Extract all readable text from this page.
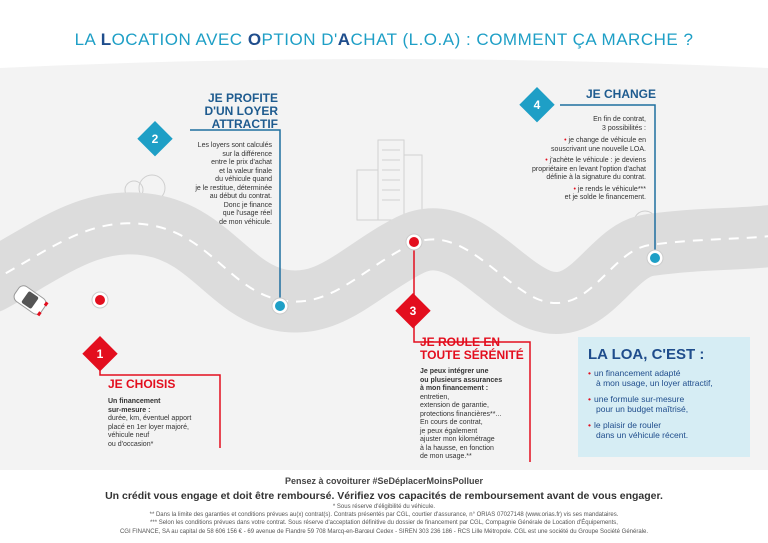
LA LOCATION AVEC OPTION D'ACHAT (L.O.A) : COMMENT ÇA MARCHE ?
1
2
3
4
JE CHOISIS
Un financement
sur-mesure :
durée, km, éventuel apport
placé en 1er loyer majoré,
véhicule neuf
ou d'occasion*
JE PROFITE
D'UN LOYER
ATTRACTIF
Les loyers sont calculés
sur la différence
entre le prix d'achat
et la valeur finale
du véhicule quand
je le restitue, déterminée
au début du contrat.
Donc je finance
que l'usage réel
de mon véhicule.
JE ROULE EN
TOUTE SÉRÉNITÉ
Je peux intégrer une
ou plusieurs assurances
à mon financement :
entretien,
extension de garantie,
protections financières**...
En cours de contrat,
je peux également
ajuster mon kilométrage
à la hausse, en fonction
de mon usage.**
JE CHANGE
En fin de contrat,
3 possibilités :
• je change de véhicule en
souscrivant une nouvelle LOA.
• j'achète le véhicule : je deviens
propriétaire en levant l'option d'achat
définie à la signature du contrat.
• je rends le véhicule***
et je solde le financement.
LA LOA, C'EST :
• un financement adapté
à mon usage, un loyer attractif,
• une formule sur-mesure
pour un budget maîtrisé,
• le plaisir de rouler
dans un véhicule récent.
Pensez à covoiturer #SeDéplacerMoinsPolluer
Un crédit vous engage et doit être remboursé. Vérifiez vos capacités de remboursement avant de vous engager.
* Sous réserve d'éligibilité du véhicule.
** Dans la limite des garanties et conditions prévues au(x) contrat(s). Contrats présentés par CGL, courtier d'assurance, n° ORIAS 07027148 (www.orias.fr) vis ses mandataires.
*** Selon les conditions prévues dans votre contrat. Sous réserve d'acceptation définitive du dossier de financement par CGL, Compagnie Générale de Location d'Équipements,
CGI FINANCE, SA au capital de 58 606 156 € - 69 avenue de Flandre 59 708 Marcq-en-Barœul Cedex - SIREN 303 236 186 - RCS Lille Métropole. CGL est une société du Groupe Société Générale.
